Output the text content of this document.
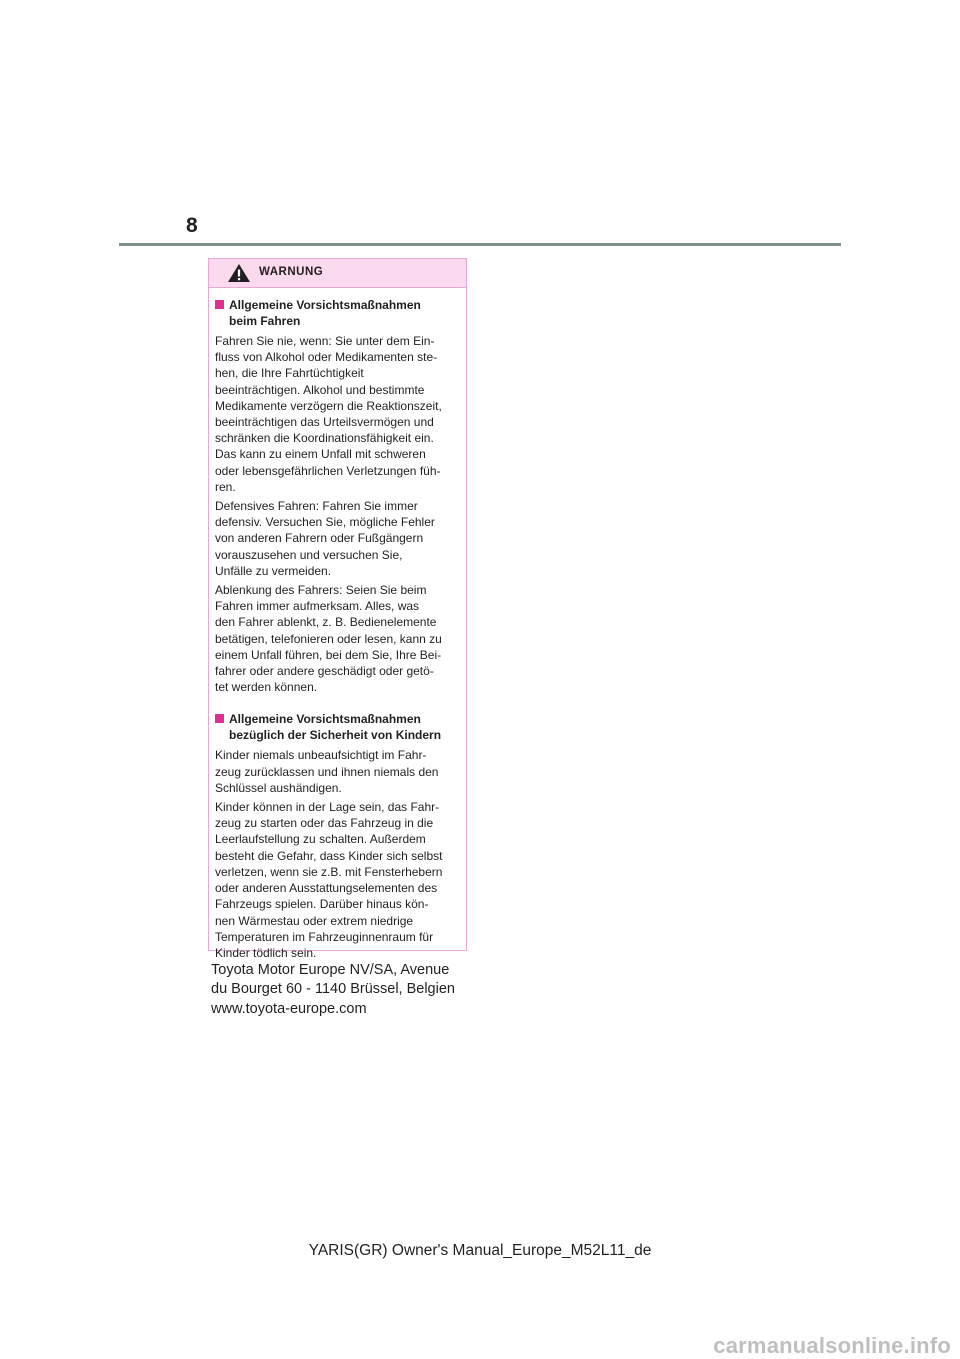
8
WARNUNG
Allgemeine Vorsichtsmaßnahmen
beim Fahren
Fahren Sie nie, wenn: Sie unter dem Ein-
fluss von Alkohol oder Medikamenten ste-
hen, die Ihre Fahrtüchtigkeit
beeinträchtigen. Alkohol und bestimmte
Medikamente verzögern die Reaktionszeit,
beeinträchtigen das Urteilsvermögen und
schränken die Koordinationsfähigkeit ein.
Das kann zu einem Unfall mit schweren
oder lebensgefährlichen Verletzungen füh-
ren.
Defensives Fahren: Fahren Sie immer
defensiv. Versuchen Sie, mögliche Fehler
von anderen Fahrern oder Fußgängern
vorauszusehen und versuchen Sie,
Unfälle zu vermeiden.
Ablenkung des Fahrers: Seien Sie beim
Fahren immer aufmerksam. Alles, was
den Fahrer ablenkt, z. B. Bedienelemente
betätigen, telefonieren oder lesen, kann zu
einem Unfall führen, bei dem Sie, Ihre Bei-
fahrer oder andere geschädigt oder getö-
tet werden können.
Allgemeine Vorsichtsmaßnahmen
bezüglich der Sicherheit von Kindern
Kinder niemals unbeaufsichtigt im Fahr-
zeug zurücklassen und ihnen niemals den
Schlüssel aushändigen.
Kinder können in der Lage sein, das Fahr-
zeug zu starten oder das Fahrzeug in die
Leerlaufstellung zu schalten. Außerdem
besteht die Gefahr, dass Kinder sich selbst
verletzen, wenn sie z.B. mit Fensterhebern
oder anderen Ausstattungselementen des
Fahrzeugs spielen. Darüber hinaus kön-
nen Wärmestau oder extrem niedrige
Temperaturen im Fahrzeuginnenraum für
Kinder tödlich sein.
Toyota Motor Europe NV/SA, Avenue
du Bourget 60 - 1140 Brüssel, Belgien
www.toyota-europe.com
YARIS(GR) Owner's Manual_Europe_M52L11_de
carmanualsonline.info
